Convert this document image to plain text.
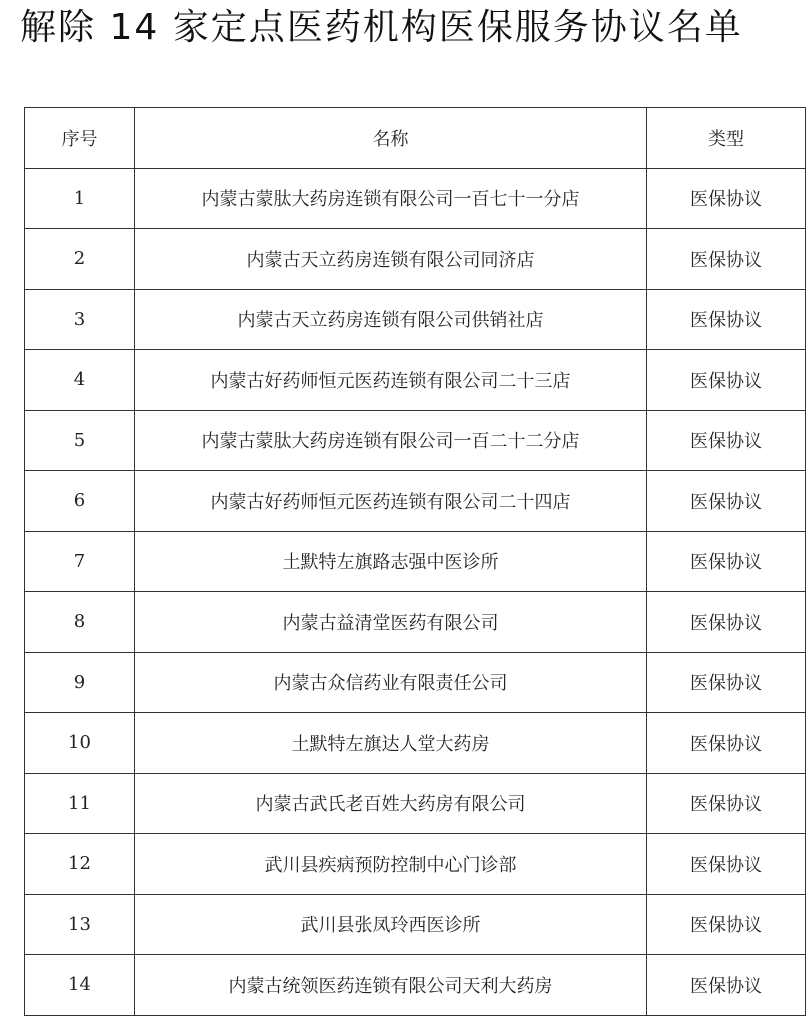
解除 14 家定点医药机构医保服务协议名单
序号	名称	类型
1	内蒙古蒙肽大药房连锁有限公司一百七十一分店	医保协议
2	内蒙古天立药房连锁有限公司同济店	医保协议
3	内蒙古天立药房连锁有限公司供销社店	医保协议
4	内蒙古好药师恒元医药连锁有限公司二十三店	医保协议
5	内蒙古蒙肽大药房连锁有限公司一百二十二分店	医保协议
6	内蒙古好药师恒元医药连锁有限公司二十四店	医保协议
7	土默特左旗路志强中医诊所	医保协议
8	内蒙古益清堂医药有限公司	医保协议
9	内蒙古众信药业有限责任公司	医保协议
10	土默特左旗达人堂大药房	医保协议
11	内蒙古武氏老百姓大药房有限公司	医保协议
12	武川县疾病预防控制中心门诊部	医保协议
13	武川县张凤玲西医诊所	医保协议
14	内蒙古统领医药连锁有限公司天利大药房	医保协议
